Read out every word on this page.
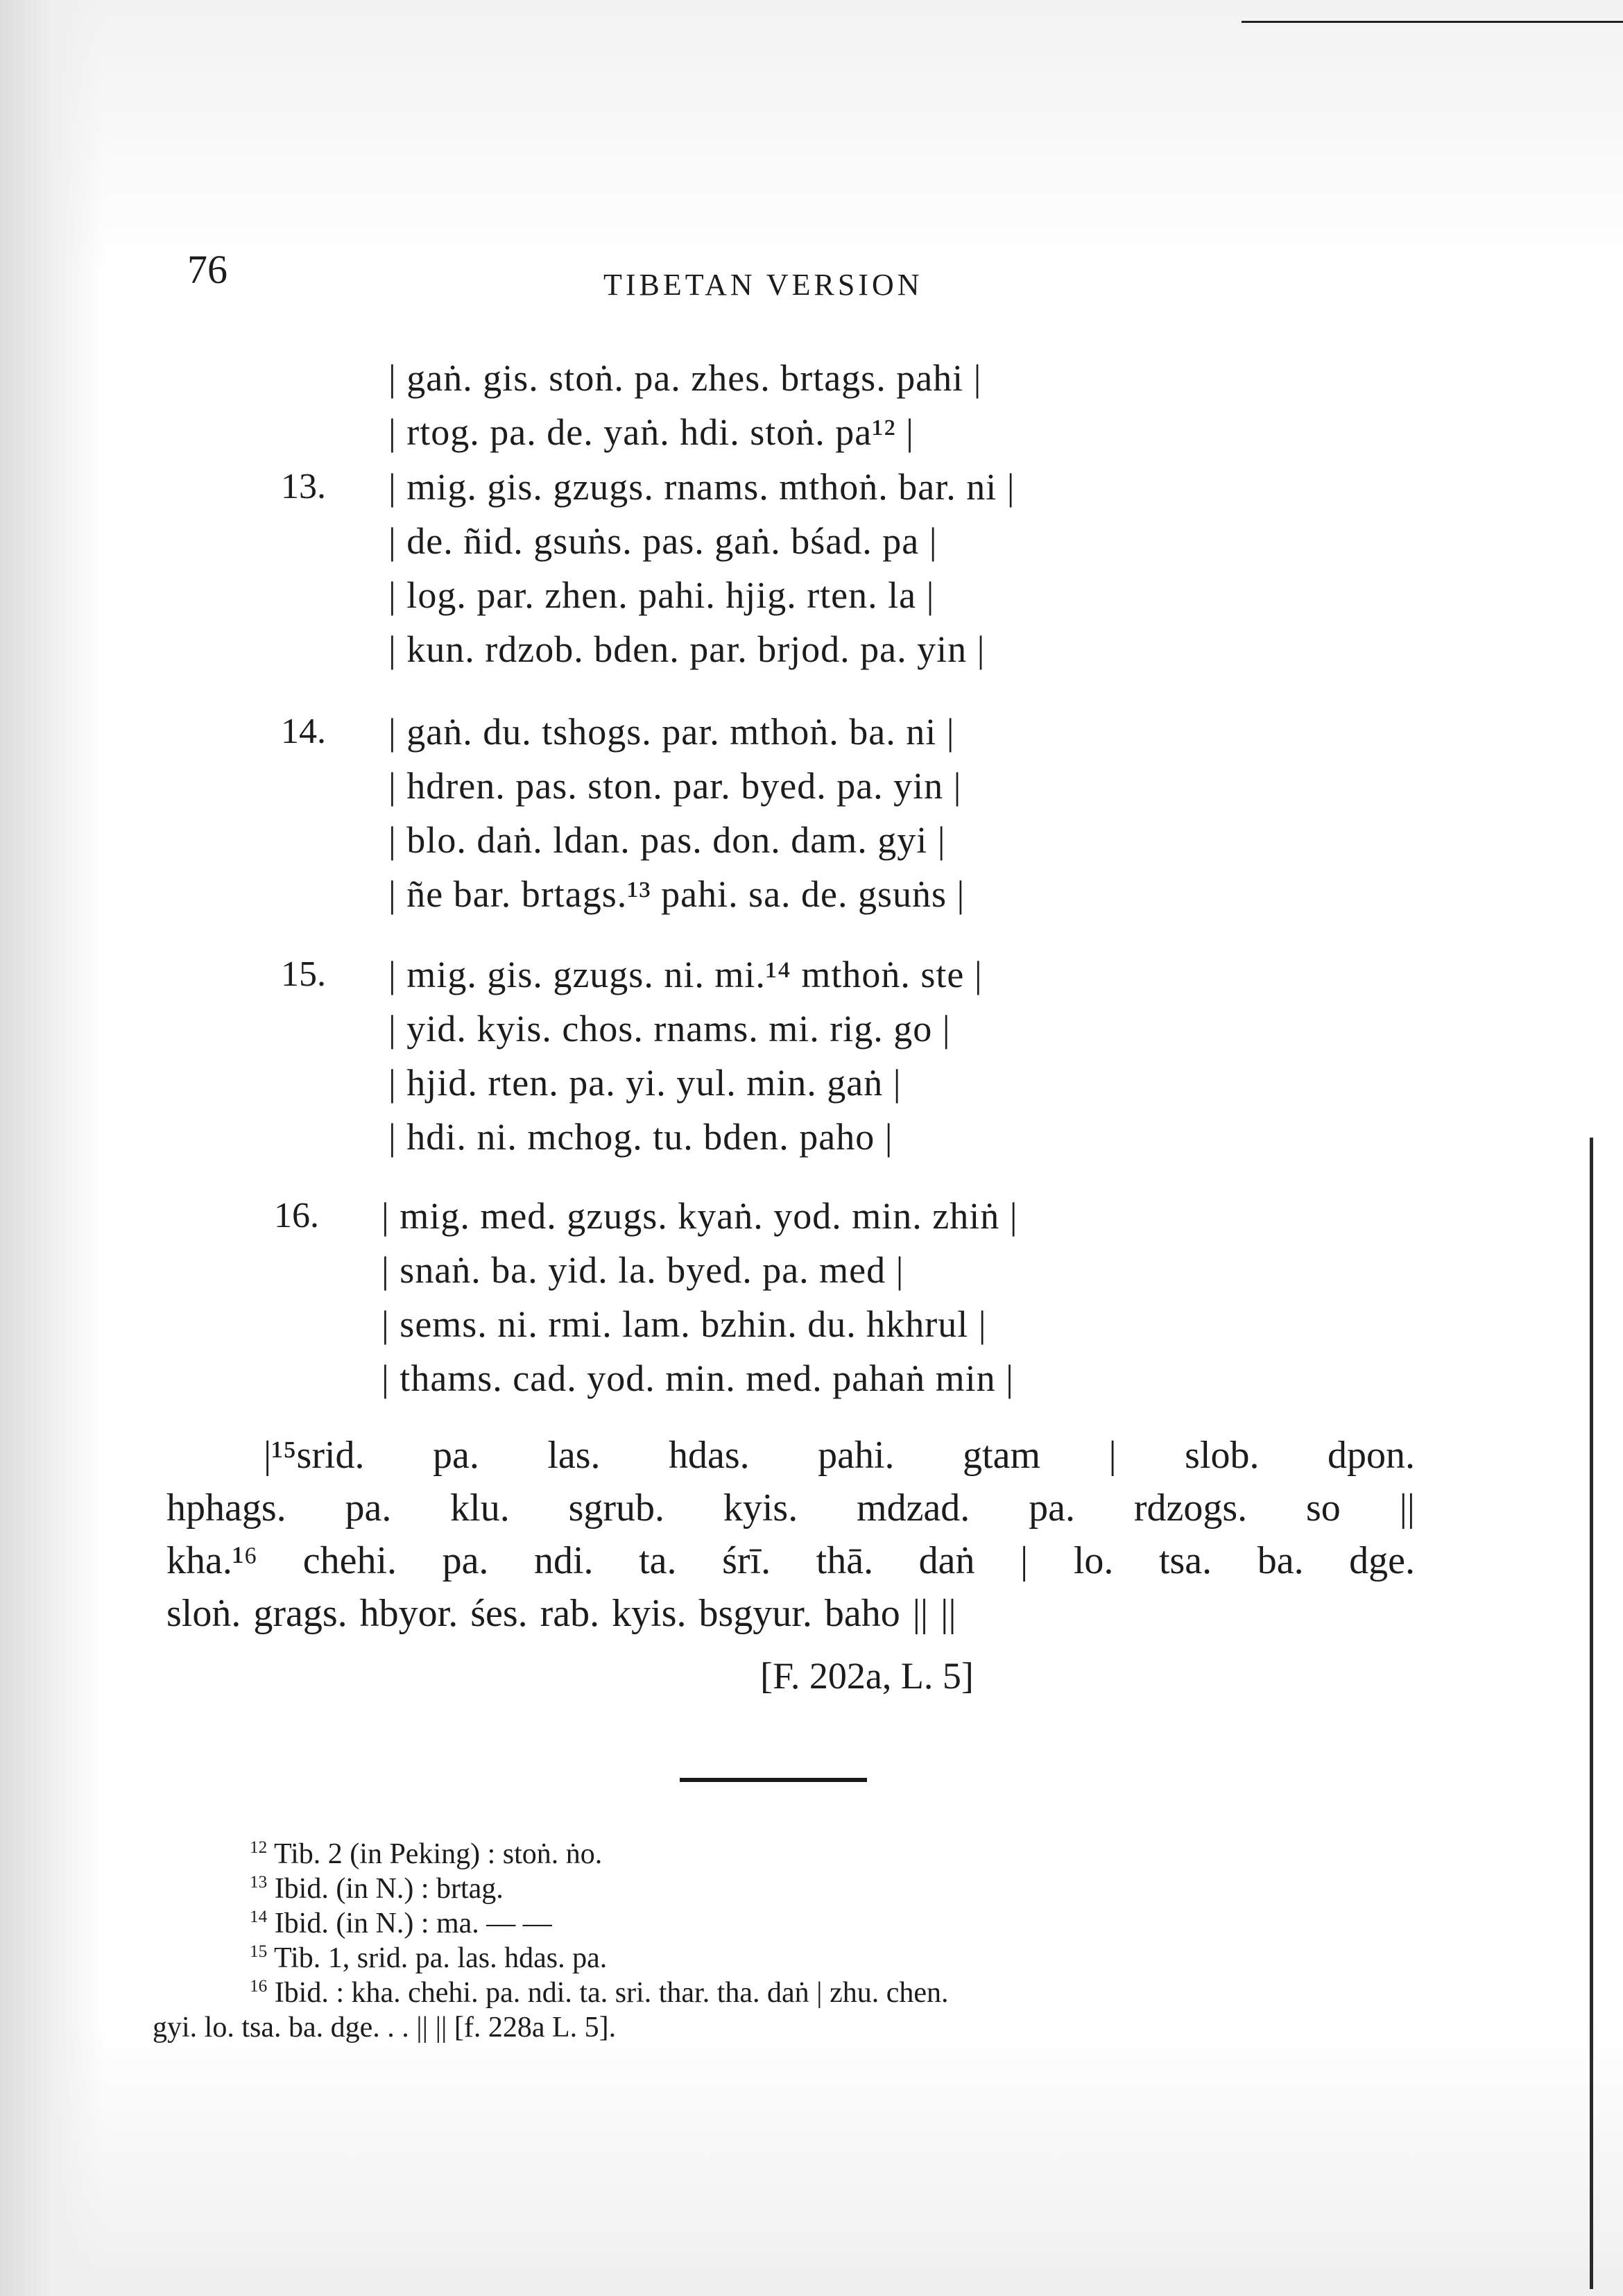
76	TIBETAN VERSION
| gaṅ. gis. stoṅ. pa. zhes. brtags. pahi |
| rtog. pa. de. yaṅ. hdi. stoṅ. pa¹² |
13. | mig. gis. gzugs. rnams. mthoṅ. bar. ni |
| de. ñid. gsuṅs. pas. gaṅ. bśad. pa |
| log. par. zhen. pahi. hjig. rten. la |
| kun. rdzob. bden. par. brjod. pa. yin |
14. | gaṅ. du. tshogs. par. mthoṅ. ba. ni |
| hdren. pas. ston. par. byed. pa. yin |
| blo. daṅ. ldan. pas. don. dam. gyi |
| ñe bar. brtags.¹³ pahi. sa. de. gsuṅs |
15. | mig. gis. gzugs. ni. mi.¹⁴ mthoṅ. ste |
| yid. kyis. chos. rnams. mi. rig. go |
| hjid. rten. pa. yi. yul. min. gaṅ |
| hdi. ni. mchog. tu. bden. paho |
16. | mig. med. gzugs. kyaṅ. yod. min. zhiṅ |
| snaṅ. ba. yid. la. byed. pa. med |
| sems. ni. rmi. lam. bzhin. du. hkhrul |
| thams. cad. yod. min. med. pahaṅ min |
|¹⁵srid. pa. las. hdas. pahi. gtam | slob. dpon.
hphags. pa. klu. sgrub. kyis. mdzad. pa. rdzogs. so ||
kha.¹⁶ chehi. pa. ndi. ta. śrī. thā. daṅ | lo. tsa. ba. dge.
sloṅ. grags. hbyor. śes. rab. kyis. bsgyur. baho || ||
[F. 202a, L. 5]
$^{12}$ Tib. 2 (in Peking) : stoṅ. ṅo.
$^{13}$ Ibid. (in N.) : brtag.
$^{14}$ Ibid. (in N.) : ma. — —
$^{15}$ Tib. 1, srid. pa. las. hdas. pa.
$^{16}$ Ibid. : kha. chehi. pa. ndi. ta. sri. thar. tha. daṅ | zhu. chen.
gyi. lo. tsa. ba. dge. . . || || [f. 228a L. 5].
